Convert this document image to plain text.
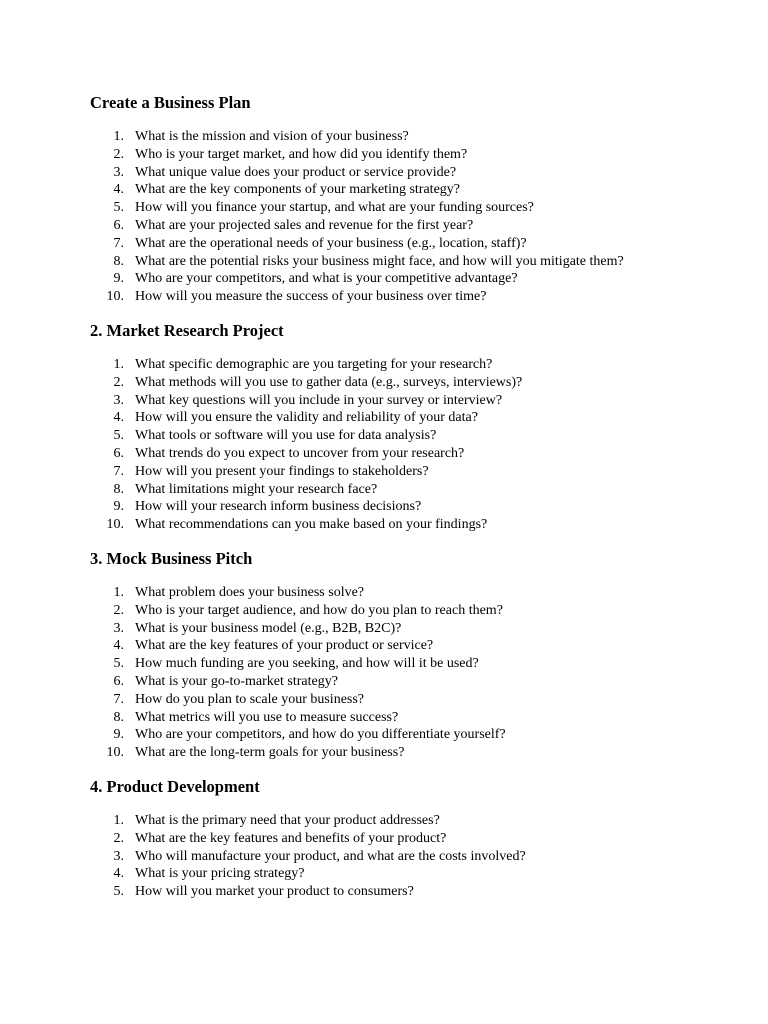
Create a Business Plan
1. What is the mission and vision of your business?
2. Who is your target market, and how did you identify them?
3. What unique value does your product or service provide?
4. What are the key components of your marketing strategy?
5. How will you finance your startup, and what are your funding sources?
6. What are your projected sales and revenue for the first year?
7. What are the operational needs of your business (e.g., location, staff)?
8. What are the potential risks your business might face, and how will you mitigate them?
9. Who are your competitors, and what is your competitive advantage?
10. How will you measure the success of your business over time?
2. Market Research Project
1. What specific demographic are you targeting for your research?
2. What methods will you use to gather data (e.g., surveys, interviews)?
3. What key questions will you include in your survey or interview?
4. How will you ensure the validity and reliability of your data?
5. What tools or software will you use for data analysis?
6. What trends do you expect to uncover from your research?
7. How will you present your findings to stakeholders?
8. What limitations might your research face?
9. How will your research inform business decisions?
10. What recommendations can you make based on your findings?
3. Mock Business Pitch
1. What problem does your business solve?
2. Who is your target audience, and how do you plan to reach them?
3. What is your business model (e.g., B2B, B2C)?
4. What are the key features of your product or service?
5. How much funding are you seeking, and how will it be used?
6. What is your go-to-market strategy?
7. How do you plan to scale your business?
8. What metrics will you use to measure success?
9. Who are your competitors, and how do you differentiate yourself?
10. What are the long-term goals for your business?
4. Product Development
1. What is the primary need that your product addresses?
2. What are the key features and benefits of your product?
3. Who will manufacture your product, and what are the costs involved?
4. What is your pricing strategy?
5. How will you market your product to consumers?
